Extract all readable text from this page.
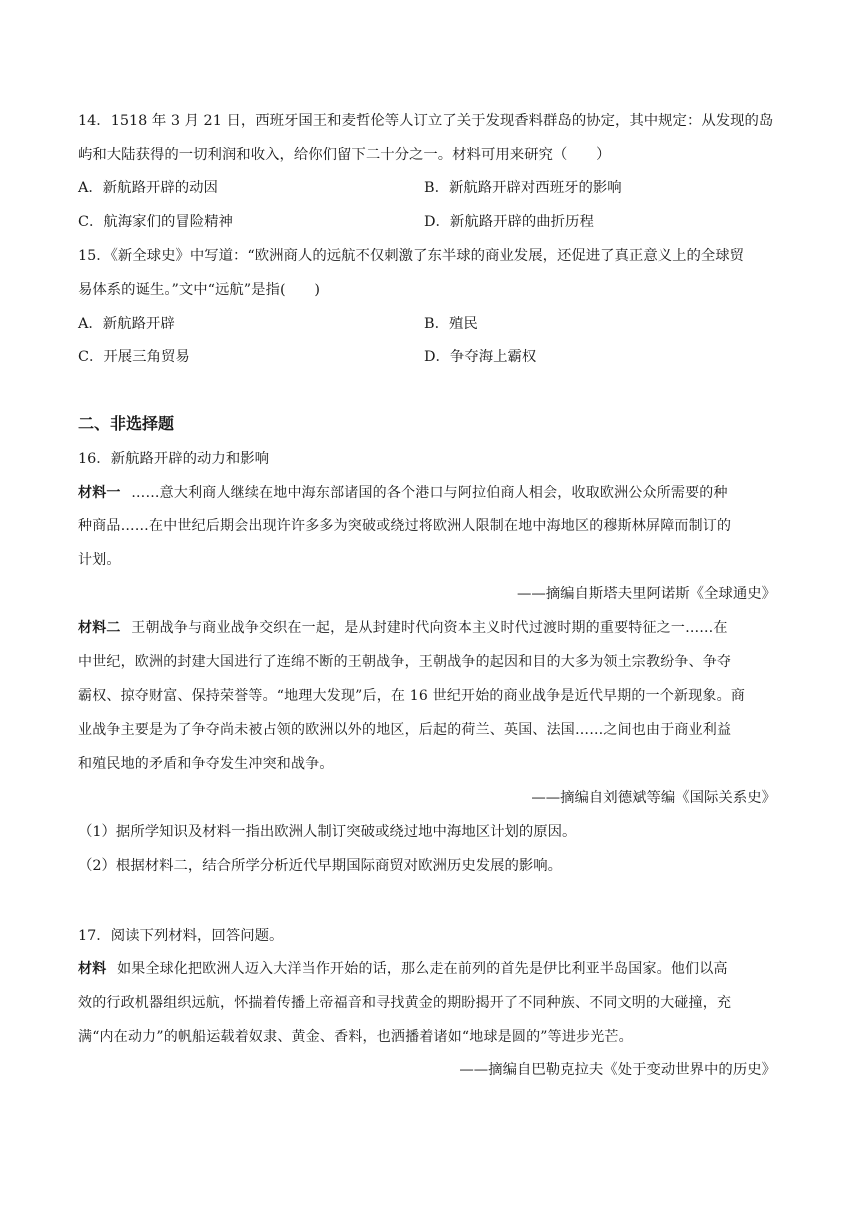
14．1518 年 3 月 21 日，西班牙国王和麦哲伦等人订立了关于发现香料群岛的协定，其中规定：从发现的岛
屿和大陆获得的一切利润和收入，给你们留下二十分之一。材料可用来研究（　　）
A．新航路开辟的动因	B．新航路开辟对西班牙的影响
C．航海家们的冒险精神	D．新航路开辟的曲折历程
15．《新全球史》中写道：“欧洲商人的远航不仅刺激了东半球的商业发展，还促进了真正意义上的全球贸
易体系的诞生。”文中“远航”是指(　　)
A．新航路开辟	B．殖民
C．开展三角贸易	D．争夺海上霸权
二、非选择题
16．新航路开辟的动力和影响
材料一 ……意大利商人继续在地中海东部诸国的各个港口与阿拉伯商人相会，收取欧洲公众所需要的种
种商品……在中世纪后期会出现许许多多为突破或绕过将欧洲人限制在地中海地区的穆斯林屏障而制订的
计划。
——摘编自斯塔夫里阿诺斯《全球通史》
材料二 王朝战争与商业战争交织在一起，是从封建时代向资本主义时代过渡时期的重要特征之一……在
中世纪，欧洲的封建大国进行了连绵不断的王朝战争，王朝战争的起因和目的大多为领土宗教纷争、争夺
霸权、掠夺财富、保持荣誉等。“地理大发现”后，在 16 世纪开始的商业战争是近代早期的一个新现象。商
业战争主要是为了争夺尚未被占领的欧洲以外的地区，后起的荷兰、英国、法国……之间也由于商业利益
和殖民地的矛盾和争夺发生冲突和战争。
——摘编自刘德斌等编《国际关系史》
（1）据所学知识及材料一指出欧洲人制订突破或绕过地中海地区计划的原因。
（2）根据材料二，结合所学分析近代早期国际商贸对欧洲历史发展的影响。
17．阅读下列材料，回答问题。
材料 如果全球化把欧洲人迈入大洋当作开始的话，那么走在前列的首先是伊比利亚半岛国家。他们以高
效的行政机器组织远航，怀揣着传播上帝福音和寻找黄金的期盼揭开了不同种族、不同文明的大碰撞，充
满“内在动力”的帆船运载着奴隶、黄金、香料，也洒播着诸如“地球是圆的”等进步光芒。
——摘编自巴勒克拉夫《处于变动世界中的历史》
